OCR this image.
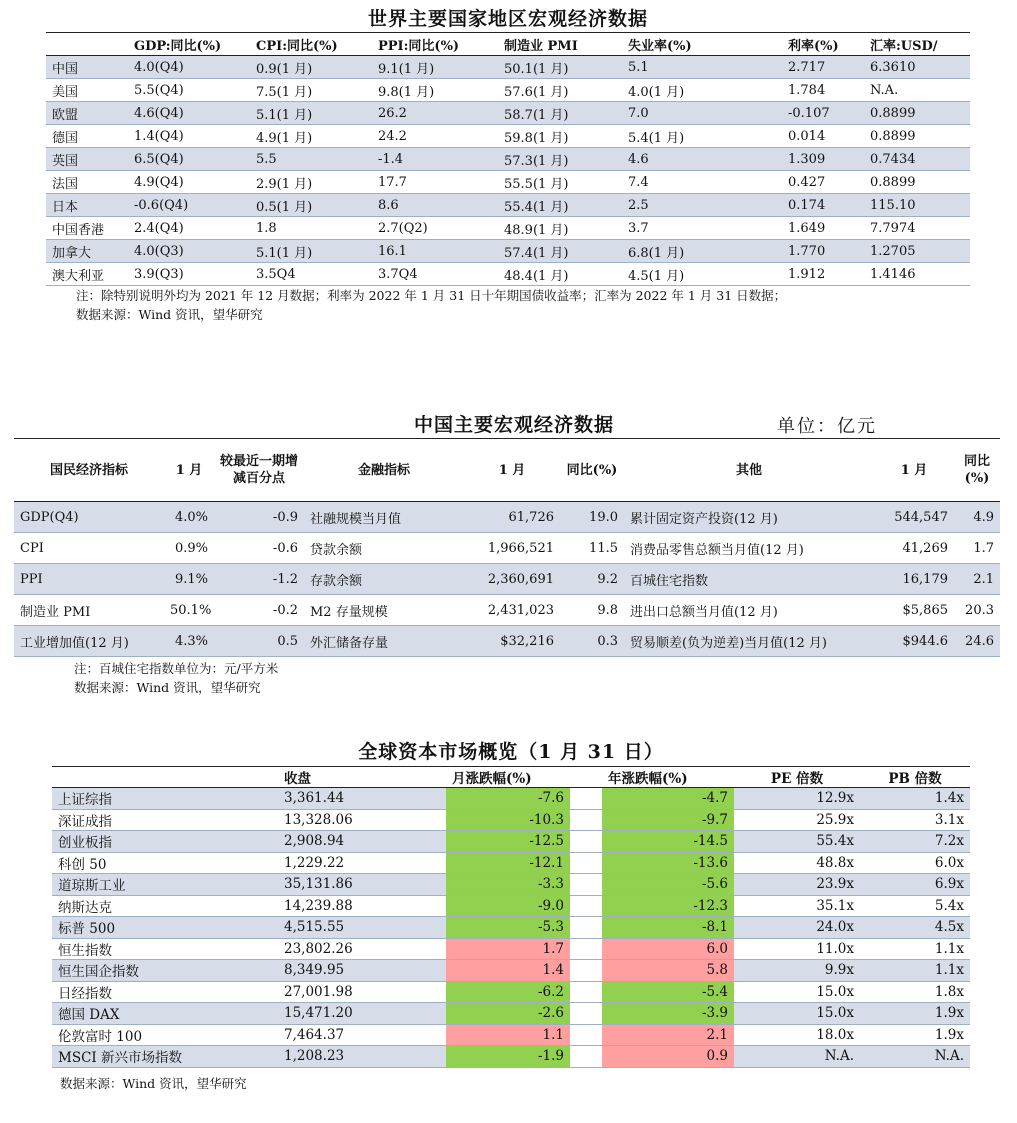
世界主要国家地区宏观经济数据
	GDP:同比(%)	CPI:同比(%)	PPI:同比(%)	制造业 PMI	失业率(%)	利率(%)	汇率:USD/
中国	4.0(Q4)	0.9(1 月)	9.1(1 月)	50.1(1 月)	5.1	2.717	6.3610
美国	5.5(Q4)	7.5(1 月)	9.8(1 月)	57.6(1 月)	4.0(1 月)	1.784	N.A.
欧盟	4.6(Q4)	5.1(1 月)	26.2	58.7(1 月)	7.0	-0.107	0.8899
德国	1.4(Q4)	4.9(1 月)	24.2	59.8(1 月)	5.4(1 月)	0.014	0.8899
英国	6.5(Q4)	5.5	-1.4	57.3(1 月)	4.6	1.309	0.7434
法国	4.9(Q4)	2.9(1 月)	17.7	55.5(1 月)	7.4	0.427	0.8899
日本	-0.6(Q4)	0.5(1 月)	8.6	55.4(1 月)	2.5	0.174	115.10
中国香港	2.4(Q4)	1.8	2.7(Q2)	48.9(1 月)	3.7	1.649	7.7974
加拿大	4.0(Q3)	5.1(1 月)	16.1	57.4(1 月)	6.8(1 月)	1.770	1.2705
澳大利亚	3.9(Q3)	3.5Q4	3.7Q4	48.4(1 月)	4.5(1 月)	1.912	1.4146
注：除特别说明外均为 2021 年 12 月数据；利率为 2022 年 1 月 31 日十年期国债收益率；汇率为 2022 年 1 月 31 日数据；
数据来源：Wind 资讯，望华研究
中国主要宏观经济数据	单位：亿元
国民经济指标	1 月	较最近一期增减百分点	金融指标	1 月	同比(%)	其他	1 月	同比(%)
GDP(Q4)	4.0%	-0.9	社融规模当月值	61,726	19.0	累计固定资产投资(12 月)	544,547	4.9
CPI	0.9%	-0.6	贷款余额	1,966,521	11.5	消费品零售总额当月值(12 月)	41,269	1.7
PPI	9.1%	-1.2	存款余额	2,360,691	9.2	百城住宅指数	16,179	2.1
制造业 PMI	50.1%	-0.2	M2 存量规模	2,431,023	9.8	进出口总额当月值(12 月)	$5,865	20.3
工业增加值(12 月)	4.3%	0.5	外汇储备存量	$32,216	0.3	贸易顺差(负为逆差)当月值(12 月)	$944.6	24.6
注：百城住宅指数单位为：元/平方米
数据来源：Wind 资讯，望华研究
全球资本市场概览（1 月 31 日）
	收盘	月涨跌幅(%)		年涨跌幅(%)	PE 倍数	PB 倍数
上证综指	3,361.44	-7.6		-4.7	12.9x	1.4x
深证成指	13,328.06	-10.3		-9.7	25.9x	3.1x
创业板指	2,908.94	-12.5		-14.5	55.4x	7.2x
科创 50	1,229.22	-12.1		-13.6	48.8x	6.0x
道琼斯工业	35,131.86	-3.3		-5.6	23.9x	6.9x
纳斯达克	14,239.88	-9.0		-12.3	35.1x	5.4x
标普 500	4,515.55	-5.3		-8.1	24.0x	4.5x
恒生指数	23,802.26	1.7		6.0	11.0x	1.1x
恒生国企指数	8,349.95	1.4		5.8	9.9x	1.1x
日经指数	27,001.98	-6.2		-5.4	15.0x	1.8x
德国 DAX	15,471.20	-2.6		-3.9	15.0x	1.9x
伦敦富时 100	7,464.37	1.1		2.1	18.0x	1.9x
MSCI 新兴市场指数	1,208.23	-1.9		0.9	N.A.	N.A.
数据来源：Wind 资讯，望华研究
